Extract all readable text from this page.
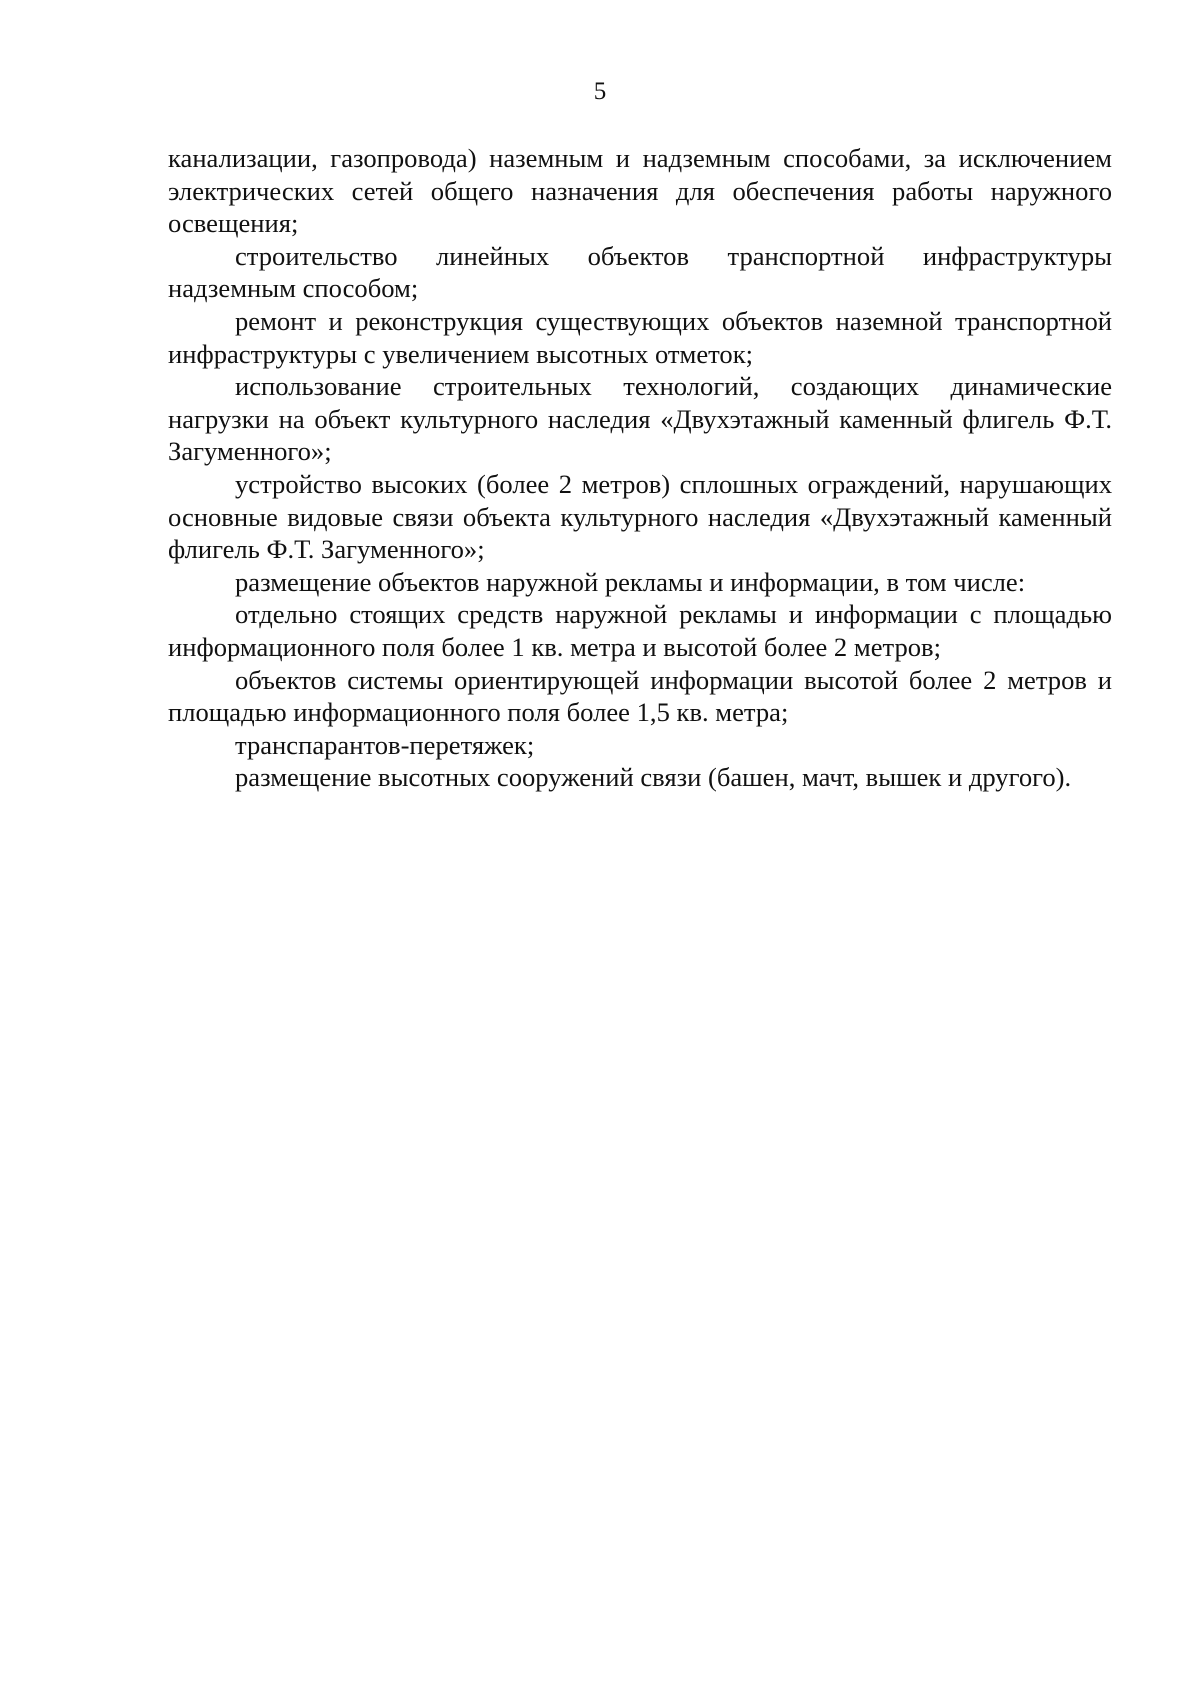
5

канализации, газопровода) наземным и надземным способами, за исключением электрических сетей общего назначения для обеспечения работы наружного освещения;

строительство линейных объектов транспортной инфраструктуры надземным способом;

ремонт и реконструкция существующих объектов наземной транспортной инфраструктуры с увеличением высотных отметок;

использование строительных технологий, создающих динамические нагрузки на объект культурного наследия «Двухэтажный каменный флигель Ф.Т. Загуменного»;

устройство высоких (более 2 метров) сплошных ограждений, нарушающих основные видовые связи объекта культурного наследия «Двухэтажный каменный флигель Ф.Т. Загуменного»;

размещение объектов наружной рекламы и информации, в том числе:

отдельно стоящих средств наружной рекламы и информации с площадью информационного поля более 1 кв. метра и высотой более 2 метров;

объектов системы ориентирующей информации высотой более 2 метров и площадью информационного поля более 1,5 кв. метра;

транспарантов-перетяжек;

размещение высотных сооружений связи (башен, мачт, вышек и другого).
